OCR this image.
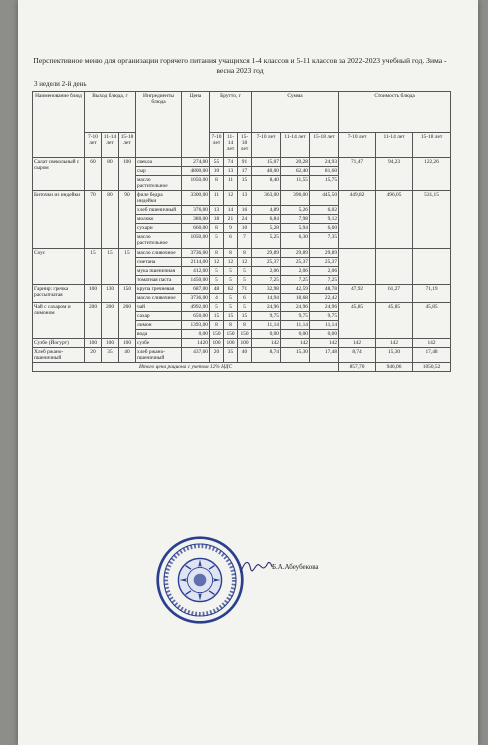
Перспективное меню для организации горячего питания учащихся 1-4 классов и 5-11 классов за 2022-2023 учебный год. Зима - весна 2023 год
3 недели 2-й день
Наименование блюд	Выход блюда, г			Ингредиенты блюда	Цена	Брутто, г			Сумма			Стоимость блюда		
	7-10 лет	11-14 лет	15-18 лет			7-10 лет	11-14 лет	15-18 лет	7-10 лет	11-14 лет	15-18 лет	7-10 лет	11-14 лет	15-18 лет
Салат свекольный с сыром	60	80	100	свекла	274,00	55	74	91	15,07	20,28	24,93	71,47	94,23	122,26
				сыр	4800,00	10	13	17	48,00	62,40	81,60			
				масло растительное	1050,00	8	11	15	8,40	11,55	15,75			
Биточки из индейки	70	80	90	филе бедра индейки	3300,00	11	12	13	363,00	396,00	445,50	449,82	496,05	531,15
				хлеб пшеничный	376,00	13	14	16	4,89	5,26	6,02			
				молоко	380,00	18	21	24	6,84	7,98	9,12			
				сухари	660,00	8	9	10	5,28	5,94	6,60			
				масло растительное	1050,00	5	6	7	5,25	6,30	7,35			
Соус	15	15	15	масло сливочное	3736,00	8	8	8	29,89	29,89	29,89			
				сметана	2114,00	12	12	12	25,37	25,37	25,37			
				мука пшеничная	412,00	5	5	5	2,06	2,06	2,06			
				томатная паста	1450,00	5	5	5	7,25	7,25	7,25			
Гарнир: гречка рассыпчатая	100	130	150	крупа гречневая	687,00	48	62	71	32,98	42,59	48,78	47,92	61,27	71,19
				масло сливочное	3736,00	4	5	6	14,94	18,68	22,42			
Чай с сахаром и лимоном	200	200	200	чай	4992,00	5	5	5	24,96	24,96	24,96	45,85	45,85	45,85
				сахар	650,00	15	15	15	9,75	9,75	9,75			
				лимон	1393,00	8	8	8	11,14	11,14	11,14			
				вода	0,00	150	150	150	0,00	0,00	0,00			
Сузбе (Йогурт)	100	100	100	сузбе	1420	100	100	100	142	142	142	142	142	142
Хлеб ржано-пшеничный	20	35	40	хлеб ржано-пшеничный	437,00	20	35	40	8,74	15,30	17,48	8,74	15,30	17,48
Итого цена рациона с учетом 12% НДС												857,70	946,06	1050,52
Б.А.Абеубекова
